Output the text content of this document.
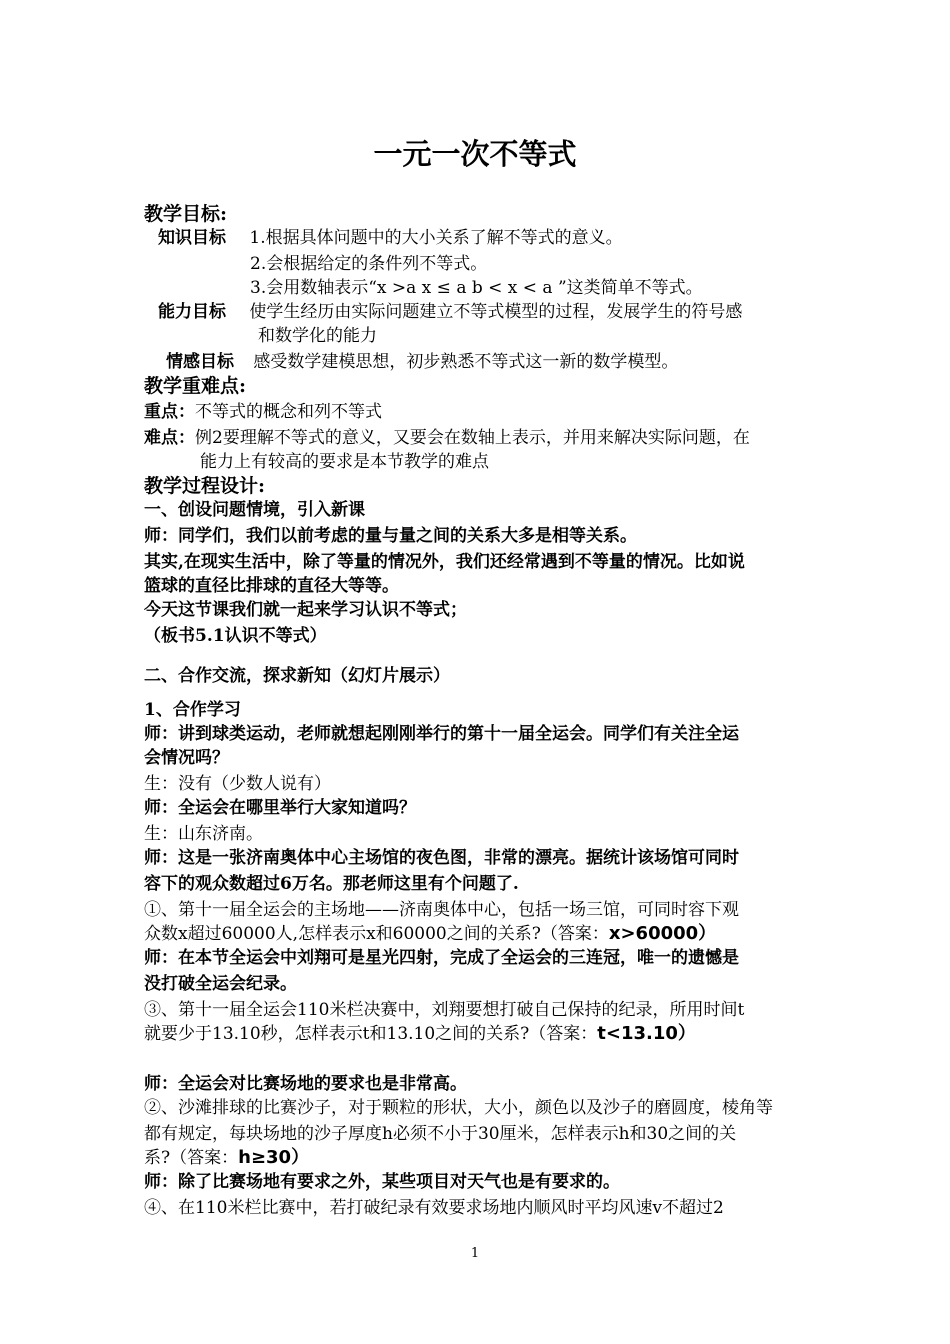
一元一次不等式
教学目标:
知识目标 1.根据具体问题中的大小关系了解不等式的意义。
2.会根据给定的条件列不等式。
3.会用数轴表示“x >a x ≤ a b < x < a ”这类简单不等式。
能力目标 使学生经历由实际问题建立不等式模型的过程，发展学生的符号感
和数学化的能力
情感目标 感受数学建模思想，初步熟悉不等式这一新的数学模型。
教学重难点:
重点：不等式的概念和列不等式
难点：例2要理解不等式的意义，又要会在数轴上表示，并用来解决实际问题，在
能力上有较高的要求是本节教学的难点
教学过程设计:
一、创设问题情境，引入新课
师：同学们，我们以前考虑的量与量之间的关系大多是相等关系。
其实,在现实生活中，除了等量的情况外，我们还经常遇到不等量的情况。比如说
篮球的直径比排球的直径大等等。
今天这节课我们就一起来学习认识不等式；
（板书5.1认识不等式）
二、合作交流，探求新知（幻灯片展示）
1、合作学习
师：讲到球类运动，老师就想起刚刚举行的第十一届全运会。同学们有关注全运
会情况吗？
生：没有（少数人说有）
师：全运会在哪里举行大家知道吗？
生：山东济南。
师：这是一张济南奥体中心主场馆的夜色图，非常的漂亮。据统计该场馆可同时
容下的观众数超过6万名。那老师这里有个问题了.
①、第十一届全运会的主场地——济南奥体中心，包括一场三馆，可同时容下观
众数x超过60000人,怎样表示x和60000之间的关系?（答案：x>60000）
师：在本节全运会中刘翔可是星光四射，完成了全运会的三连冠，唯一的遗憾是
没打破全运会纪录。
③、第十一届全运会110米栏决赛中，刘翔要想打破自己保持的纪录，所用时间t
就要少于13.10秒，怎样表示t和13.10之间的关系?（答案：t<13.10）
师：全运会对比赛场地的要求也是非常高。
②、沙滩排球的比赛沙子，对于颗粒的形状，大小，颜色以及沙子的磨圆度，棱角等
都有规定，每块场地的沙子厚度h必须不小于30厘米，怎样表示h和30之间的关
系?（答案：h≥30）
师：除了比赛场地有要求之外，某些项目对天气也是有要求的。
④、在110米栏比赛中，若打破纪录有效要求场地内顺风时平均风速v不超过2
1
